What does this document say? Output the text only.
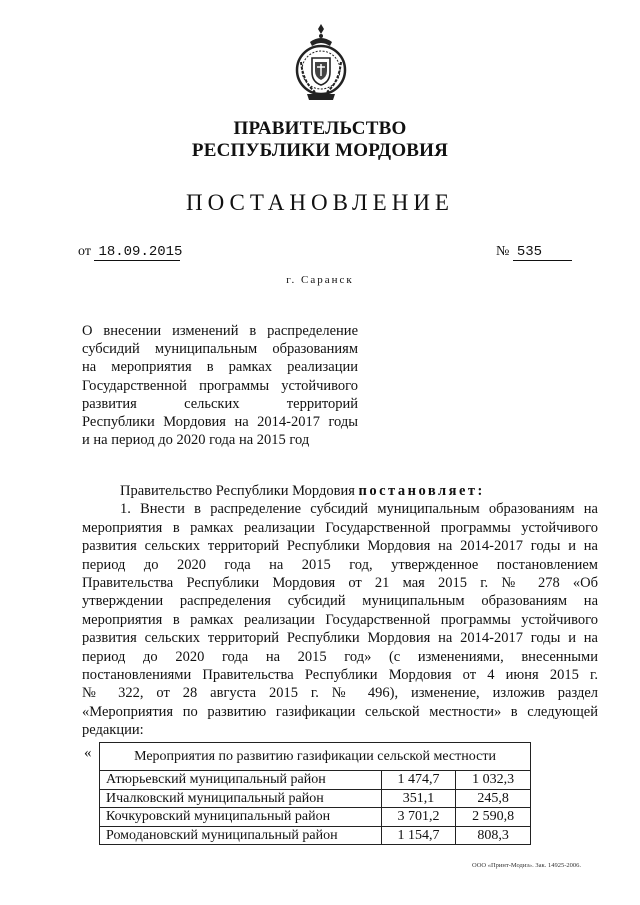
ПРАВИТЕЛЬСТВО
РЕСПУБЛИКИ МОРДОВИЯ
ПОСТАНОВЛЕНИЕ
от 18.09.2015	№ 535
г. Саранск
О внесении изменений в распределение
субсидий муниципальным образованиям
на мероприятия в рамках реализации
Государственной программы устойчивого
развития сельских территорий
Республики Мордовия на 2014-2017 годы
и на период до 2020 года на 2015 год
Правительство Республики Мордовия постановляет:
1. Внести в распределение субсидий муниципальным образованиям на
мероприятия в рамках реализации Государственной программы устойчивого
развития сельских территорий Республики Мордовия на 2014-2017 годы и на
период до 2020 года на 2015 год, утвержденное постановлением
Правительства Республики Мордовия от 21 мая 2015 г. № 278 «Об
утверждении распределения субсидий муниципальным образованиям на
мероприятия в рамках реализации Государственной программы устойчивого
развития сельских территорий Республики Мордовия на 2014-2017 годы и на
период до 2020 года на 2015 год» (с изменениями, внесенными
постановлениями Правительства Республики Мордовия от 4 июня 2015 г.
№ 322, от 28 августа 2015 г. № 496), изменение, изложив раздел
«Мероприятия по развитию газификации сельской местности» в следующей
редакции:
«	Мероприятия по развитию газификации сельской местности		
Атюрьевский муниципальный район	1 474,7	1 032,3
Ичалковский муниципальный район	351,1	245,8
Кочкуровский муниципальный район	3 701,2	2 590,8
Ромодановский муниципальный район	1 154,7	808,3
ООО «Принт-Модиз». Зак. 14925-2006.
